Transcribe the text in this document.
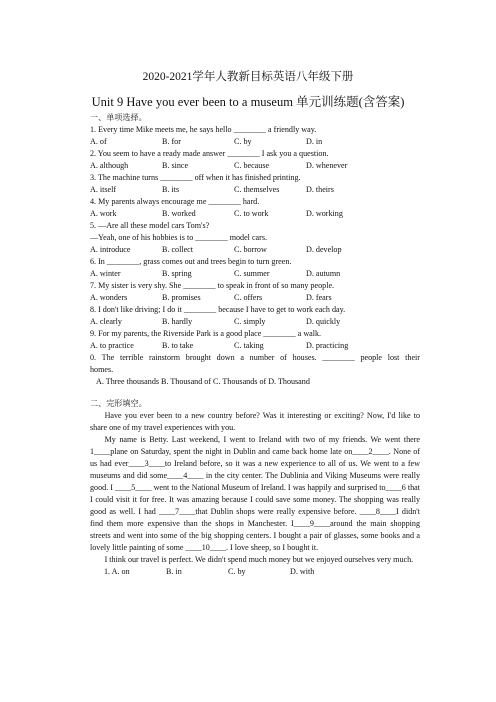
2020-2021学年人教新目标英语八年级下册
Unit 9 Have you ever been to a museum 单元训练题(含答案)
一、单项选择。
1. Every time Mike meets me, he says hello ________ a friendly way.
A. of	B. for	C. by	D. in
2. You seem to have a ready made answer ________ I ask you a question.
A. although	B. since	C. because	D. whenever
3. The machine turns ________ off when it has finished printing.
A. itself	B. its	C. themselves	D. theirs
4. My parents always encourage me ________ hard.
A. work	B. worked	C. to work	D. working
5. —Are all these model cars Tom's?
—Yeah, one of his hobbies is to ________ model cars.
A. introduce	B. collect	C. borrow	D. develop
6. In ________, grass comes out and trees begin to turn green.
A. winter	B. spring	C. summer	D. autumn
7. My sister is very shy. She ________ to speak in front of so many people.
A. wonders	B. promises	C. offers	D. fears
8. I don't like driving; I do it ________ because I have to get to work each day.
A. clearly	B. hardly	C. simply	D. quickly
9. For my parents, the Riverside Park is a good place ________ a walk.
A. to practice	B. to take	C. taking	D. practicing
0. The terrible rainstorm brought down a number of houses. ________ people lost their
homes.
A. Three thousands B. Thousand of C. Thousands of D. Thousand
二、完形填空。

Have you ever been to a new country before? Was it interesting or exciting? Now, I'd like to share one of my travel experiences with you.

My name is Betty. Last weekend, I went to Ireland with two of my friends. We went there 1____plane on Saturday, spent the night in Dublin and came back home late on____2____. None of us had ever____3____to Ireland before, so it was a new experience to all of us. We went to a few museums and did some____4____ in the city center. The Dublinia and Viking Museums were really good. I ____5____ went to the National Museum of Ireland. I was happily and surprised to____6 that I could visit it for free. It was amazing because I could save some money. The shopping was really good as well. I had ____7____that Dublin shops were really expensive before. ____8____I didn't find them more expensive than the shops in Manchester. I____9____around the main shopping streets and went into some of the big shopping centers. I bought a pair of glasses, some books and a lovely little painting of some ____10____. I love sheep, so I bought it.

I think our travel is perfect. We didn't spend much money but we enjoyed ourselves very much.

1. A. on	B. in	C. by	D. with
